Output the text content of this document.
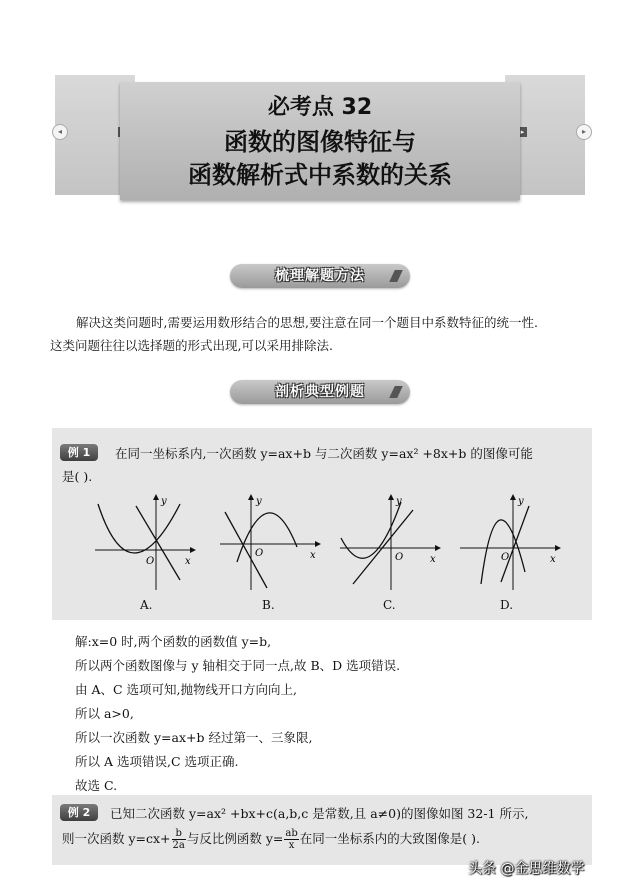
◂	▸
▸
必考点 32
函数的图像特征与
函数解析式中系数的关系
梳理解题方法
解决这类问题时,需要运用数形结合的思想,要注意在同一个题目中系数特征的统一性.
这类问题往往以选择题的形式出现,可以采用排除法.
剖析典型例题
例 1	在同一坐标系内,一次函数 y=ax+b 与二次函数 y=ax² +8x+b 的图像可能
是( ).
y
x
O
A.
y
x
O
B.
y
x
O
C.
y
x
O
D.
解:x=0 时,两个函数的函数值 y=b,
所以两个函数图像与 y 轴相交于同一点,故 B、D 选项错误.
由 A、C 选项可知,抛物线开口方向向上,
所以 a>0,
所以一次函数 y=ax+b 经过第一、三象限,
所以 A 选项错误,C 选项正确.
故选 C.
例 2	已知二次函数 y=ax² +bx+c(a,b,c 是常数,且 a≠0)的图像如图 32-1 所示,
则一次函数 $y=cx+ \frac{b}{2a}$ 与反比例函数 $y= \frac{ab}{x}$ 在同一坐标系内的大致图像是( ).
头条 @金思维数学
